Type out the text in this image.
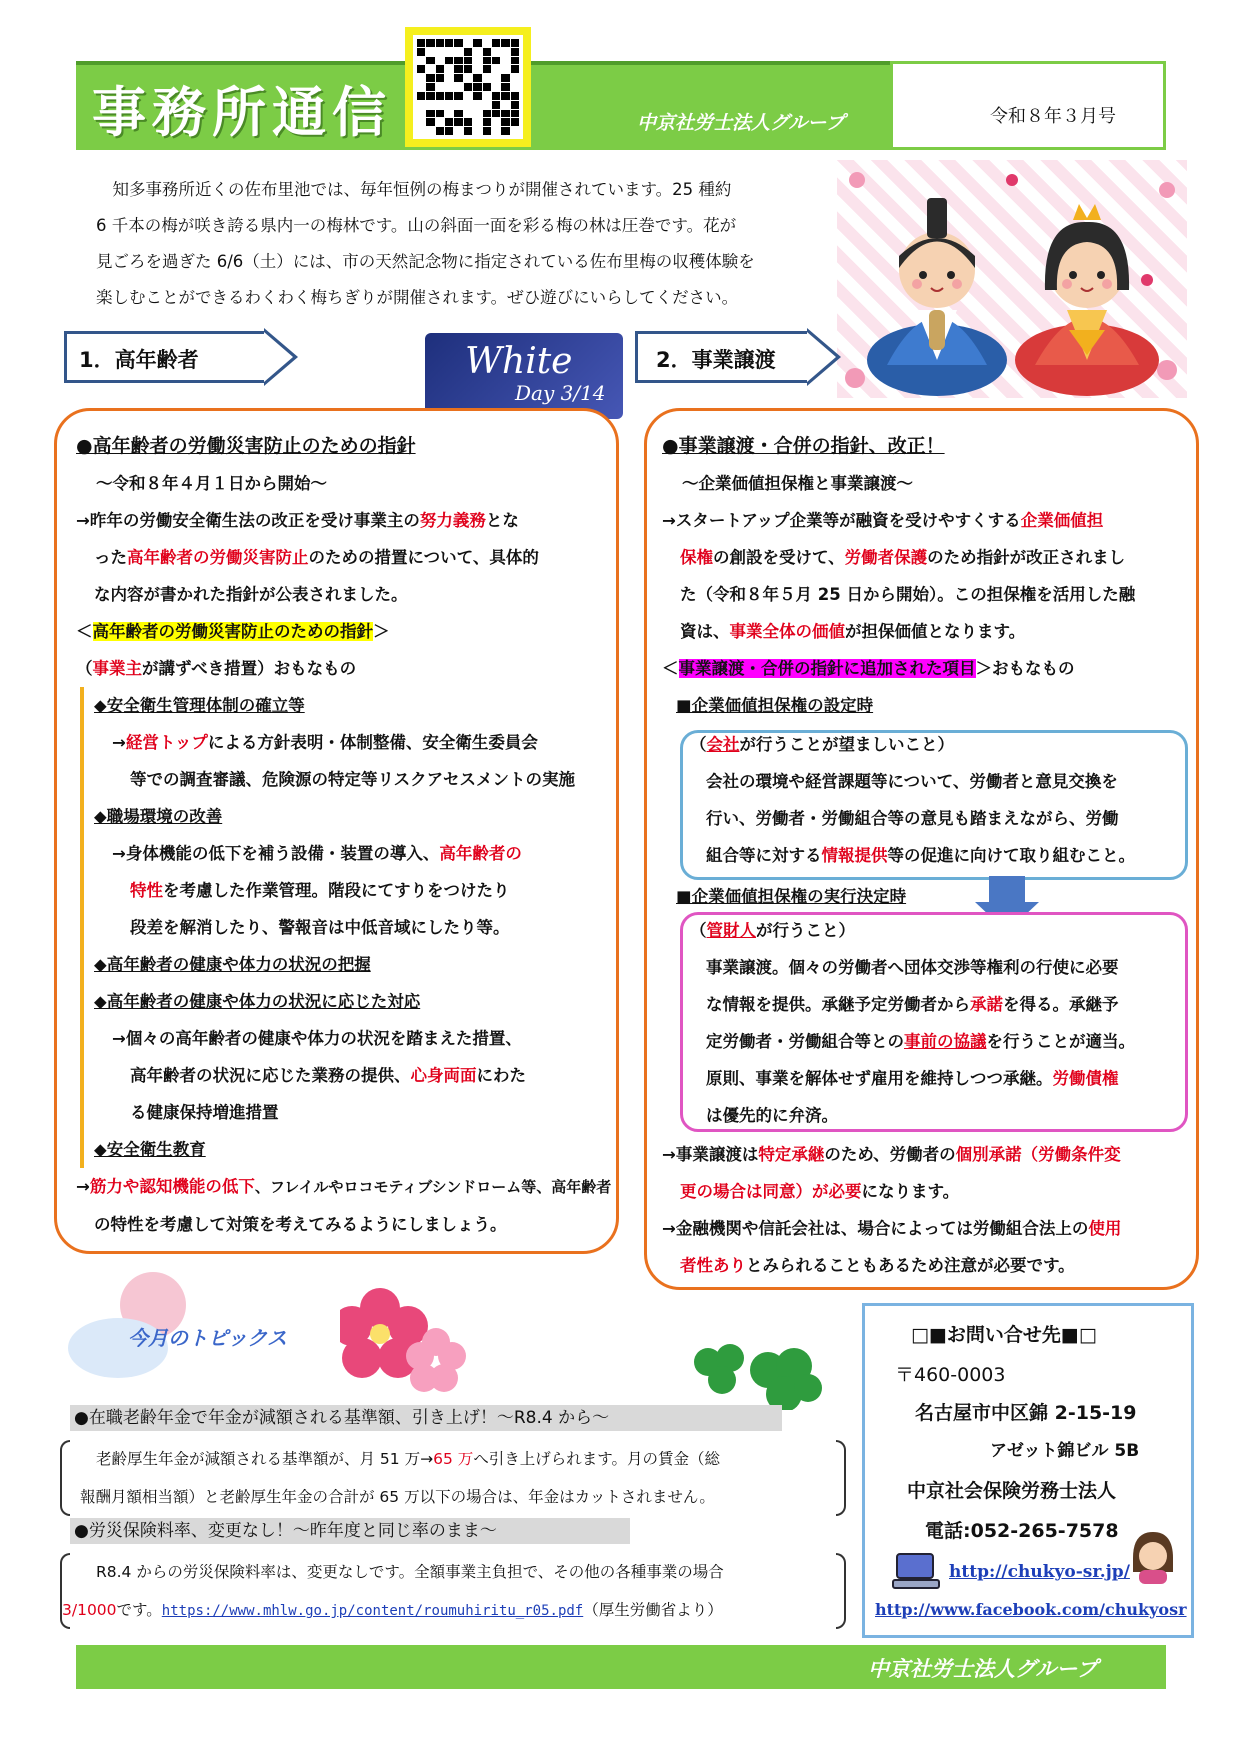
事務所通信	中京社労士法人グループ	令和８年３月号
知多事務所近くの佐布里池では、毎年恒例の梅まつりが開催されています。25 種約
6 千本の梅が咲き誇る県内一の梅林です。山の斜面一面を彩る梅の林は圧巻です。花が
見ごろを過ぎた 6/6（土）には、市の天然記念物に指定されている佐布里梅の収穫体験を
楽しむことができるわくわく梅ちぎりが開催されます。ぜひ遊びにいらしてください。
1．高年齢者	White
Day 3/14
2．事業譲渡
●高年齢者の労働災害防止のための指針
～令和８年４月１日から開始～
→昨年の労働安全衛生法の改正を受け事業主の努力義務とな
った高年齢者の労働災害防止のための措置について、具体的
な内容が書かれた指針が公表されました。
＜高年齢者の労働災害防止のための指針＞
（事業主が講ずべき措置）おもなもの
◆安全衛生管理体制の確立等
→経営トップによる方針表明・体制整備、安全衛生委員会
等での調査審議、危険源の特定等リスクアセスメントの実施
◆職場環境の改善
→身体機能の低下を補う設備・装置の導入、高年齢者の
特性を考慮した作業管理。階段にてすりをつけたり
段差を解消したり、警報音は中低音域にしたり等。
◆高年齢者の健康や体力の状況の把握
◆高年齢者の健康や体力の状況に応じた対応
→個々の高年齢者の健康や体力の状況を踏まえた措置、
高年齢者の状況に応じた業務の提供、心身両面にわた
る健康保持増進措置
◆安全衛生教育
→筋力や認知機能の低下、フレイルやロコモティブシンドローム等、高年齢者
の特性を考慮して対策を考えてみるようにしましょう。
●事業譲渡・合併の指針、改正！
～企業価値担保権と事業譲渡～
→スタートアップ企業等が融資を受けやすくする企業価値担
保権の創設を受けて、労働者保護のため指針が改正されまし
た（令和８年５月 25 日から開始）。この担保権を活用した融
資は、事業全体の価値が担保価値となります。
＜事業譲渡・合併の指針に追加された項目＞おもなもの
■企業価値担保権の設定時
（会社が行うことが望ましいこと）
会社の環境や経営課題等について、労働者と意見交換を
行い、労働者・労働組合等の意見も踏まえながら、労働
組合等に対する情報提供等の促進に向けて取り組むこと。
■企業価値担保権の実行決定時
（管財人が行うこと）
事業譲渡。個々の労働者へ団体交渉等権利の行使に必要
な情報を提供。承継予定労働者から承諾を得る。承継予
定労働者・労働組合等との事前の協議を行うことが適当。
原則、事業を解体せず雇用を維持しつつ承継。労働債権
は優先的に弁済。
→事業譲渡は特定承継のため、労働者の個別承諾（労働条件変
更の場合は同意）が必要になります。
→金融機関や信託会社は、場合によっては労働組合法上の使用
者性ありとみられることもあるため注意が必要です。
今月のトピックス
●在職老齢年金で年金が減額される基準額、引き上げ！～R8.4 から～
老齢厚生年金が減額される基準額が、月 51 万→65 万へ引き上げられます。月の賃金（総
報酬月額相当額）と老齢厚生年金の合計が 65 万以下の場合は、年金はカットされません。
●労災保険料率、変更なし！～昨年度と同じ率のまま～
R8.4 からの労災保険料率は、変更なしです。全額事業主負担で、その他の各種事業の場合
3/1000です。https://www.mhlw.go.jp/content/roumuhiritu_r05.pdf（厚生労働省より）
□■お問い合せ先■□
〒460-0003
名古屋市中区錦 2-15-19
アゼット錦ビル 5B
中京社会保険労務士法人
電話:052-265-7578
http://chukyo-sr.jp/
http://www.facebook.com/chukyosr
中京社労士法人グループ
